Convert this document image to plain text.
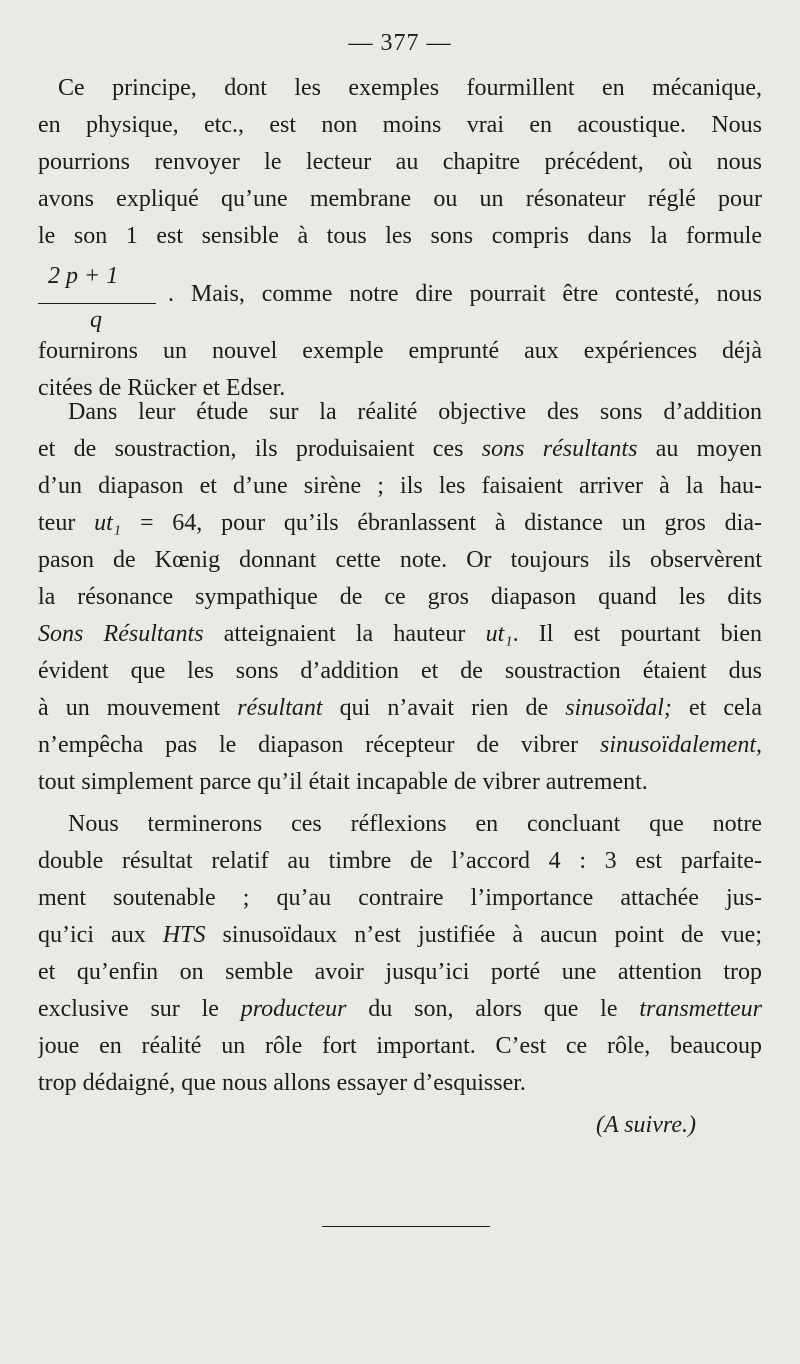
— 377 —
Ce principe, dont les exemples fourmillent en mécanique,
en physique, etc., est non moins vrai en acoustique. Nous
pourrions renvoyer le lecteur au chapitre précédent, où nous
avons expliqué qu’une membrane ou un résonateur réglé pour
le son 1 est sensible à tous les sons compris dans la formule
2 p + 1
q
. Mais, comme notre dire pourrait être contesté, nous
fournirons un nouvel exemple emprunté aux expériences déjà
citées de Rücker et Edser.
Dans leur étude sur la réalité objective des sons d’addition
et de soustraction, ils produisaient ces sons résultants au moyen
d’un diapason et d’une sirène ; ils les faisaient arriver à la hau-
teur ut₁ = 64, pour qu’ils ébranlassent à distance un gros dia-
pason de Kœnig donnant cette note. Or toujours ils observèrent
la résonance sympathique de ce gros diapason quand les dits
Sons Résultants atteignaient la hauteur ut₁. Il est pourtant bien
évident que les sons d’addition et de soustraction étaient dus
à un mouvement résultant qui n’avait rien de sinusoïdal; et cela
n’empêcha pas le diapason récepteur de vibrer sinusoïdalement,
tout simplement parce qu’il était incapable de vibrer autrement.
Nous terminerons ces réflexions en concluant que notre
double résultat relatif au timbre de l’accord 4 : 3 est parfaite-
ment soutenable ; qu’au contraire l’importance attachée jus-
qu’ici aux HTS sinusoïdaux n’est justifiée à aucun point de vue;
et qu’enfin on semble avoir jusqu’ici porté une attention trop
exclusive sur le producteur du son, alors que le transmetteur
joue en réalité un rôle fort important. C’est ce rôle, beaucoup
trop dédaigné, que nous allons essayer d’esquisser.
(A suivre.)
